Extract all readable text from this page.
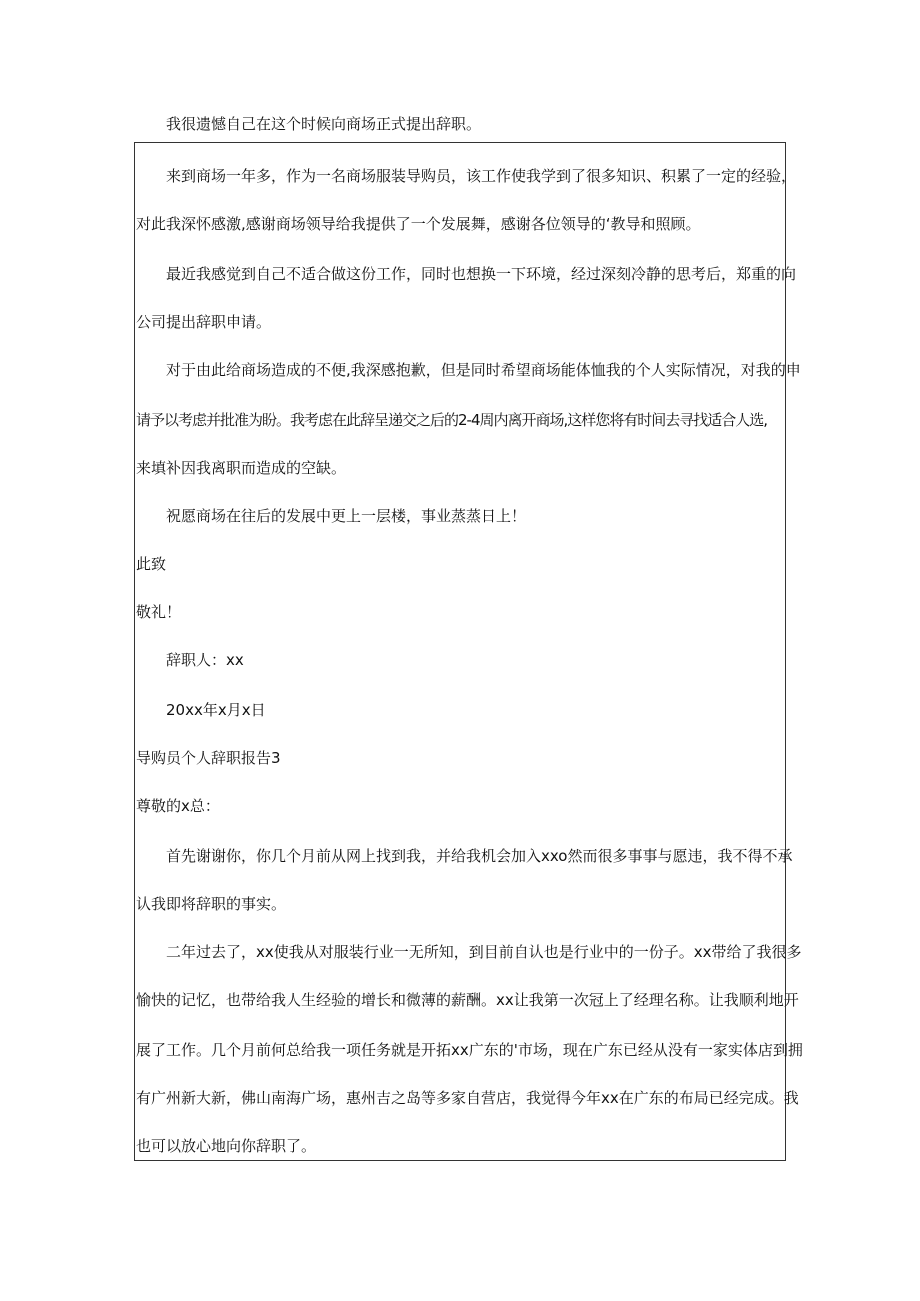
我很遗憾自己在这个时候向商场正式提出辞职。
来到商场一年多，作为一名商场服装导购员，该工作使我学到了很多知识、积累了一定的经验，
对此我深怀感激,感谢商场领导给我提供了一个发展舞，感谢各位领导的‘教导和照顾。
最近我感觉到自己不适合做这份工作，同时也想换一下环境，经过深刻冷静的思考后，郑重的向
公司提出辞职申请。
对于由此给商场造成的不便,我深感抱歉，但是同时希望商场能体恤我的个人实际情况，对我的申
请予以考虑并批准为盼。我考虑在此辞呈递交之后的2-4周内离开商场,这样您将有时间去寻找适合人选,
来填补因我离职而造成的空缺。
祝愿商场在往后的发展中更上一层楼，事业蒸蒸日上！
此致
敬礼！
辞职人：xx
20xx年x月x日
导购员个人辞职报告3
尊敬的x总：
首先谢谢你，你几个月前从网上找到我，并给我机会加入xxo然而很多事事与愿违，我不得不承
认我即将辞职的事实。
二年过去了，xx使我从对服装行业一无所知，到目前自认也是行业中的一份子。xx带给了我很多
愉快的记忆，也带给我人生经验的增长和微薄的薪酬。xx让我第一次冠上了经理名称。让我顺利地开
展了工作。几个月前何总给我一项任务就是开拓xx广东的'市场，现在广东已经从没有一家实体店到拥
有广州新大新，佛山南海广场，惠州吉之岛等多家自营店，我觉得今年xx在广东的布局已经完成。我
也可以放心地向你辞职了。
